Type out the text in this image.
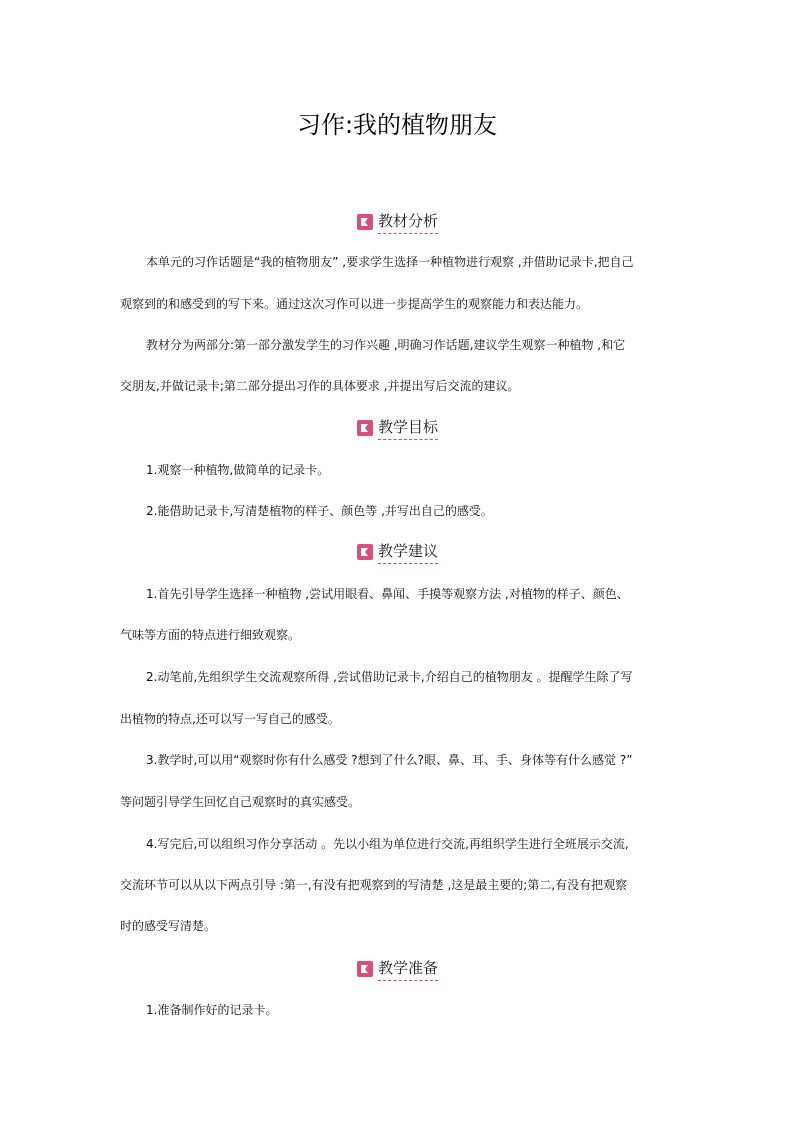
习作:我的植物朋友
教材分析
本单元的习作话题是“我的植物朋友” ,要求学生选择一种植物进行观察 ,并借助记录卡,把自己
观察到的和感受到的写下来。通过这次习作可以进一步提高学生的观察能力和表达能力。
教材分为两部分:第一部分激发学生的习作兴趣 ,明确习作话题,建议学生观察一种植物 ,和它
交朋友,并做记录卡;第二部分提出习作的具体要求 ,并提出写后交流的建议。
教学目标
1.观察一种植物,做简单的记录卡。
2.能借助记录卡,写清楚植物的样子、颜色等 ,并写出自己的感受。
教学建议
1.首先引导学生选择一种植物 ,尝试用眼看、鼻闻、手摸等观察方法 ,对植物的样子、颜色、
气味等方面的特点进行细致观察。
2.动笔前,先组织学生交流观察所得 ,尝试借助记录卡,介绍自己的植物朋友 。提醒学生除了写
出植物的特点,还可以写一写自己的感受。
3.教学时,可以用“观察时你有什么感受 ?想到了什么?眼、鼻、耳、手、身体等有什么感觉 ?”
等问题引导学生回忆自己观察时的真实感受。
4.写完后,可以组织习作分享活动 。先以小组为单位进行交流,再组织学生进行全班展示交流,
交流环节可以从以下两点引导 :第一,有没有把观察到的写清楚 ,这是最主要的;第二,有没有把观察
时的感受写清楚。
教学准备
1.准备制作好的记录卡。
